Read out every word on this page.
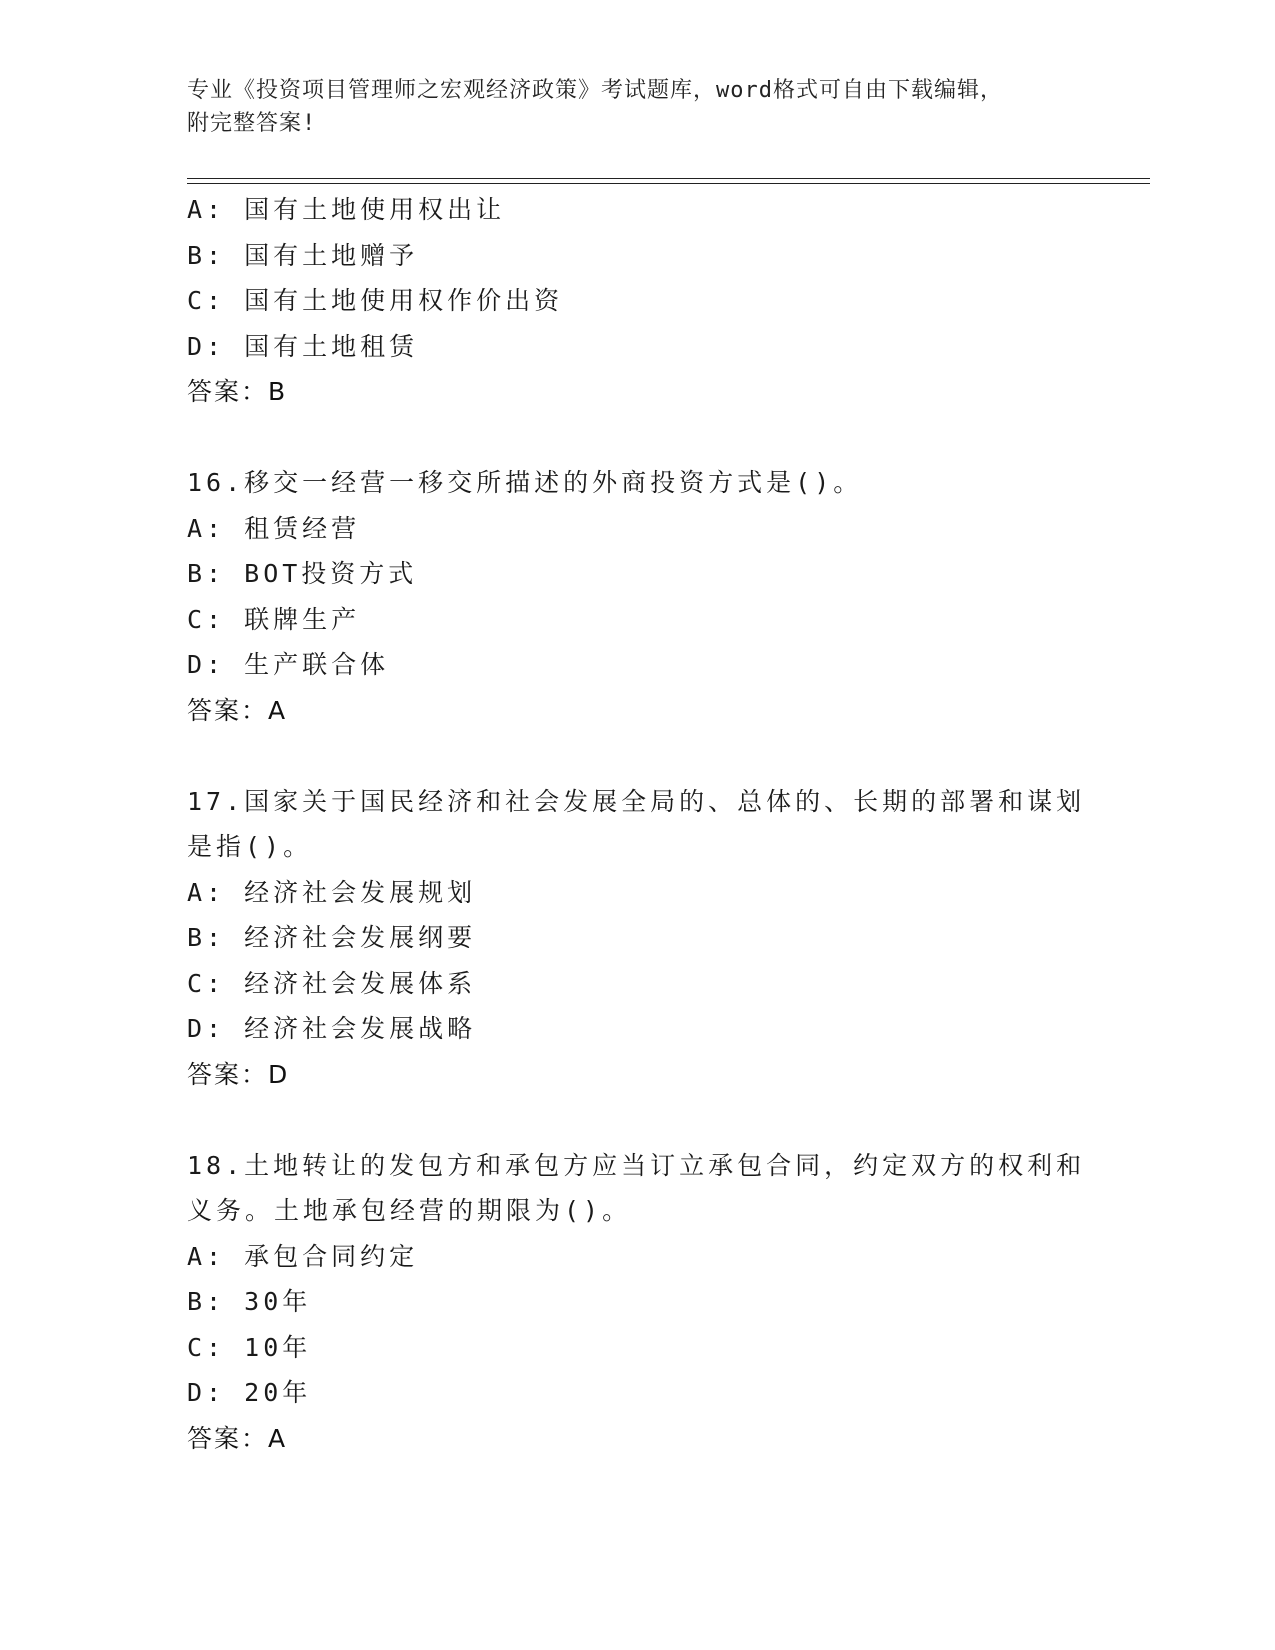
专业《投资项目管理师之宏观经济政策》考试题库，word格式可自由下载编辑，
附完整答案!
A: 国有土地使用权出让
B: 国有土地赠予
C: 国有土地使用权作价出资
D: 国有土地租赁
答案：B
16.移交一经营一移交所描述的外商投资方式是()。
A: 租赁经营
B: BOT投资方式
C: 联牌生产
D: 生产联合体
答案：A
17.国家关于国民经济和社会发展全局的、总体的、长期的部署和谋划
是指()。
A: 经济社会发展规划
B: 经济社会发展纲要
C: 经济社会发展体系
D: 经济社会发展战略
答案：D
18.土地转让的发包方和承包方应当订立承包合同，约定双方的权利和
义务。土地承包经营的期限为()。
A: 承包合同约定
B: 30年
C: 10年
D: 20年
答案：A
